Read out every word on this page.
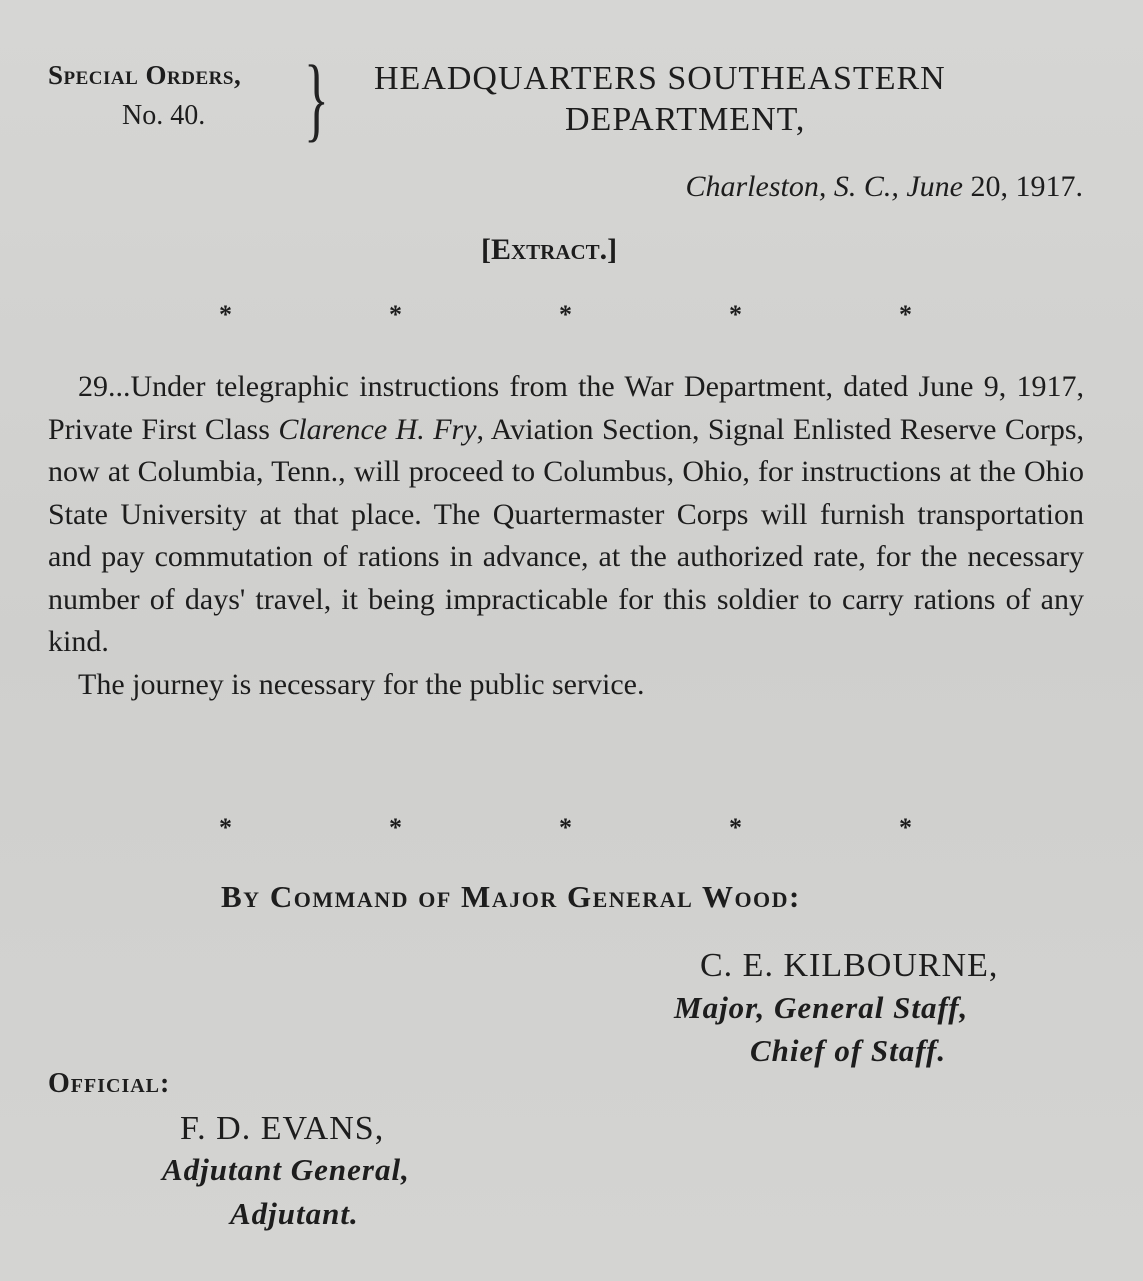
Special Orders,
No. 40. } HEADQUARTERS SOUTHEASTERN
DEPARTMENT,
Charleston, S. C., June 20, 1917.
[Extract.]
*	*	*	*	*

29...Under telegraphic instructions from the War Department, dated June 9, 1917, Private First Class Clarence H. Fry, Aviation Section, Signal Enlisted Reserve Corps, now at Columbia, Tenn., will proceed to Columbus, Ohio, for instructions at the Ohio State University at that place. The Quartermaster Corps will furnish transportation and pay commutation of rations in advance, at the authorized rate, for the necessary number of days' travel, it being impracticable for this soldier to carry rations of any kind.

The journey is necessary for the public service.

*	*	*	*	*
By Command of Major General Wood:
C. E. KILBOURNE,
Major, General Staff,
Chief of Staff.
Official:
F. D. EVANS,
Adjutant General,
Adjutant.
